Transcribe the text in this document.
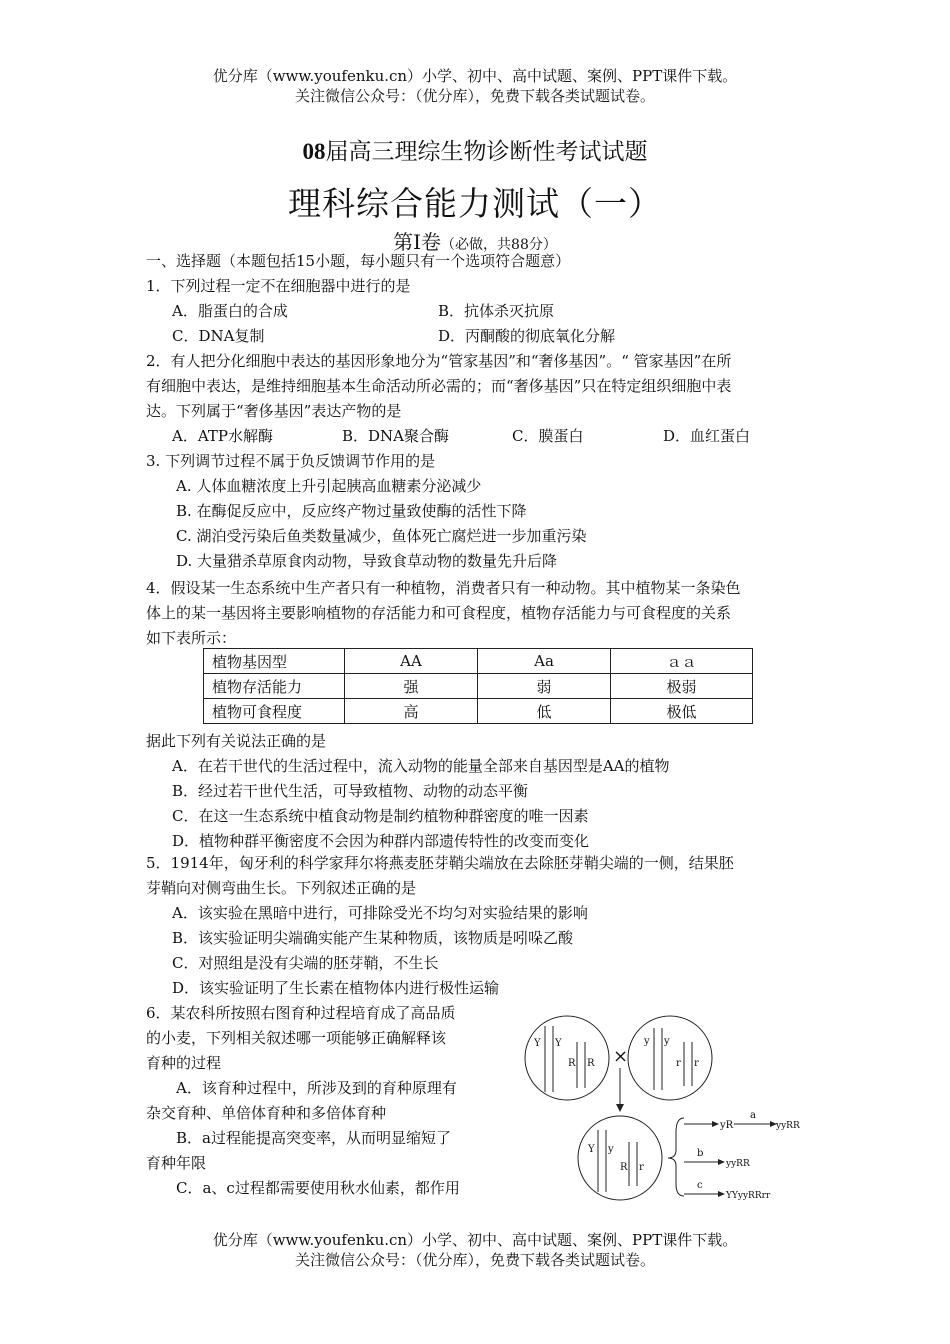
优分库（www.youfenku.cn）小学、初中、高中试题、案例、PPT课件下载。
关注微信公众号：（优分库），免费下载各类试题试卷。
08届高三理综生物诊断性考试试题
理科综合能力测试（一）
第Ⅰ卷（必做，共88分）
一、选择题（本题包括15小题，每小题只有一个选项符合题意）
1．下列过程一定不在细胞器中进行的是
A．脂蛋白的合成	B．抗体杀灭抗原
C．DNA复制	D．丙酮酸的彻底氧化分解
2．有人把分化细胞中表达的基因形象地分为“管家基因”和“奢侈基因”。“ 管家基因”在所
有细胞中表达，是维持细胞基本生命活动所必需的；而“奢侈基因”只在特定组织细胞中表
达。下列属于“奢侈基因”表达产物的是
A．ATP水解酶	B．DNA聚合酶	C．膜蛋白	D．血红蛋白
3. 下列调节过程不属于负反馈调节作用的是
A. 人体血糖浓度上升引起胰高血糖素分泌减少
B. 在酶促反应中，反应终产物过量致使酶的活性下降
C. 湖泊受污染后鱼类数量减少，鱼体死亡腐烂进一步加重污染
D. 大量猎杀草原食肉动物，导致食草动物的数量先升后降
4．假设某一生态系统中生产者只有一种植物，消费者只有一种动物。其中植物某一条染色
体上的某一基因将主要影响植物的存活能力和可食程度，植物存活能力与可食程度的关系
如下表所示：
植物基因型	AA	Aa	ａａ
植物存活能力	强	弱	极弱
植物可食程度	高	低	极低
据此下列有关说法正确的是
A．在若干世代的生活过程中，流入动物的能量全部来自基因型是AA的植物
B．经过若干世代生活，可导致植物、动物的动态平衡
C．在这一生态系统中植食动物是制约植物种群密度的唯一因素
D．植物种群平衡密度不会因为种群内部遗传特性的改变而变化
5．1914年，匈牙利的科学家拜尔将燕麦胚芽鞘尖端放在去除胚芽鞘尖端的一侧，结果胚
芽鞘向对侧弯曲生长。下列叙述正确的是
A．该实验在黑暗中进行，可排除受光不均匀对实验结果的影响
B．该实验证明尖端确实能产生某种物质，该物质是吲哚乙酸
C．对照组是没有尖端的胚芽鞘，不生长
D．该实验证明了生长素在植物体内进行极性运输
6．某农科所按照右图育种过程培育成了高品质
的小麦，下列相关叙述哪一项能够正确解释该
育种的过程
A．该育种过程中，所涉及到的育种原理有
杂交育种、单倍体育种和多倍体育种
B．a过程能提高突变率，从而明显缩短了
育种年限
C．a、c过程都需要使用秋水仙素，都作用
Y Y
R R
y y
r r
Y y
R r
yR
a
b
c
yyRR
yyRR
YYyyRRrr
×
优分库（www.youfenku.cn）小学、初中、高中试题、案例、PPT课件下载。
关注微信公众号：（优分库），免费下载各类试题试卷。
